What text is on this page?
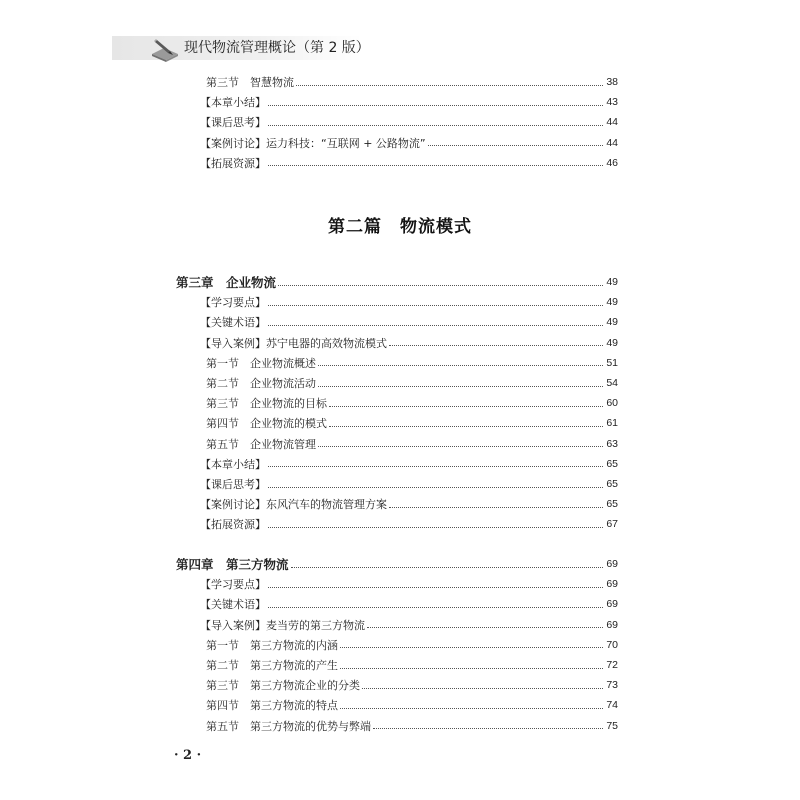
现代物流管理概论（第 2 版）
第三节　智慧物流	38
【本章小结】	43
【课后思考】	44
【案例讨论】运力科技：“互联网 + 公路物流”	44
【拓展资源】	46
第二篇　物流模式
第三章　企业物流	49
【学习要点】	49
【关键术语】	49
【导入案例】苏宁电器的高效物流模式	49
第一节　企业物流概述	51
第二节　企业物流活动	54
第三节　企业物流的目标	60
第四节　企业物流的模式	61
第五节　企业物流管理	63
【本章小结】	65
【课后思考】	65
【案例讨论】东风汽车的物流管理方案	65
【拓展资源】	67
第四章　第三方物流	69
【学习要点】	69
【关键术语】	69
【导入案例】麦当劳的第三方物流	69
第一节　第三方物流的内涵	70
第二节　第三方物流的产生	72
第三节　第三方物流企业的分类	73
第四节　第三方物流的特点	74
第五节　第三方物流的优势与弊端	75
· 2 ·
